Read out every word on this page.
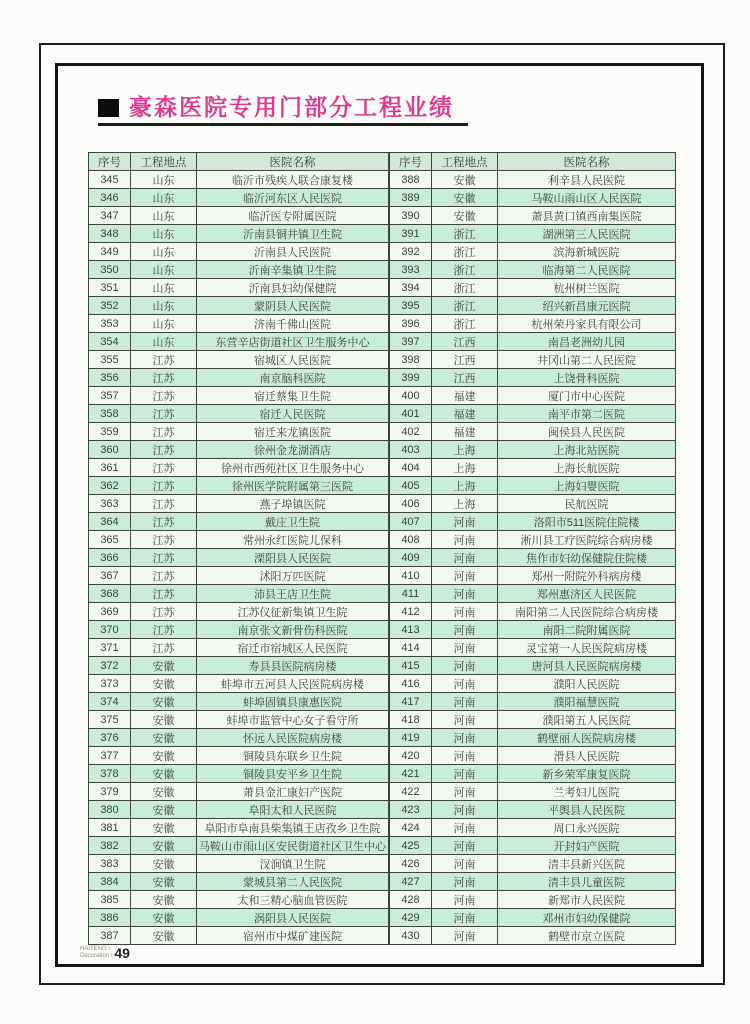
豪森医院专用门部分工程业绩
序号	工程地点	医院名称
345	山东	临沂市残疾人联合康复楼
346	山东	临沂河东区人民医院
347	山东	临沂医专附属医院
348	山东	沂南县铜井镇卫生院
349	山东	沂南县人民医院
350	山东	沂南辛集镇卫生院
351	山东	沂南县妇幼保健院
352	山东	蒙阴县人民医院
353	山东	济南千佛山医院
354	山东	东营辛店街道社区卫生服务中心
355	江苏	宿城区人民医院
356	江苏	南京脑科医院
357	江苏	宿迁蔡集卫生院
358	江苏	宿迁人民医院
359	江苏	宿迁来龙镇医院
360	江苏	徐州金龙湖酒店
361	江苏	徐州市西苑社区卫生服务中心
362	江苏	徐州医学院附属第三医院
363	江苏	燕子埠镇医院
364	江苏	戴庄卫生院
365	江苏	常州永红医院儿保科
366	江苏	溧阳县人民医院
367	江苏	沭阳万匹医院
368	江苏	沛县王店卫生院
369	江苏	江苏仪征新集镇卫生院
370	江苏	南京张文新骨伤科医院
371	江苏	宿迁市宿城区人民医院
372	安徽	寿县县医院病房楼
373	安徽	蚌埠市五河县人民医院病房楼
374	安徽	蚌埠固镇县康惠医院
375	安徽	蚌埠市监管中心女子看守所
376	安徽	怀远人民医院病房楼
377	安徽	铜陵县东联乡卫生院
378	安徽	铜陵县安平乡卫生院
379	安徽	萧县金汇康妇产医院
380	安徽	阜阳太和人民医院
381	安徽	阜阳市阜南县柴集镇王店孜乡卫生院
382	安徽	马鞍山市雨山区安民街道社区卫生中心
383	安徽	汊涧镇卫生院
384	安徽	蒙城县第二人民医院
385	安徽	太和三精心脑血管医院
386	安徽	涡阳县人民医院
387	安徽	宿州市中煤矿建医院
序号	工程地点	医院名称
388	安徽	利辛县人民医院
389	安徽	马鞍山雨山区人民医院
390	安徽	萧县黄口镇西南集医院
391	浙江	湖洲第三人民医院
392	浙江	滨海新城医院
393	浙江	临海第二人民医院
394	浙江	杭州树兰医院
395	浙江	绍兴新昌康元医院
396	浙江	杭州荣丹家具有限公司
397	江西	南昌老洲幼儿园
398	江西	井冈山第二人民医院
399	江西	上饶骨科医院
400	福建	厦门市中心医院
401	福建	南平市第二医院
402	福建	闽侯县人民医院
403	上海	上海北站医院
404	上海	上海长航医院
405	上海	上海妇婴医院
406	上海	民航医院
407	河南	洛阳市511医院住院楼
408	河南	淅川县工疗医院综合病房楼
409	河南	焦作市妇幼保健院住院楼
410	河南	郑州一附院外科病房楼
411	河南	郑州惠济区人民医院
412	河南	南阳第二人民医院综合病房楼
413	河南	南阳二院附属医院
414	河南	灵宝第一人民医院病房楼
415	河南	唐河县人民医院病房楼
416	河南	濮阳人民医院
417	河南	濮阳福慧医院
418	河南	濮阳第五人民医院
419	河南	鹤壁丽人医院病房楼
420	河南	滑县人民医院
421	河南	新乡荣军康复医院
422	河南	兰考妇儿医院
423	河南	平舆县人民医院
424	河南	周口永兴医院
425	河南	开封妇产医院
426	河南	清丰县新兴医院
427	河南	清丰县儿童医院
428	河南	新郑市人民医院
429	河南	邓州市妇幼保健院
430	河南	鹤壁市京立医院
HAITENG \
Decoration \ 49
